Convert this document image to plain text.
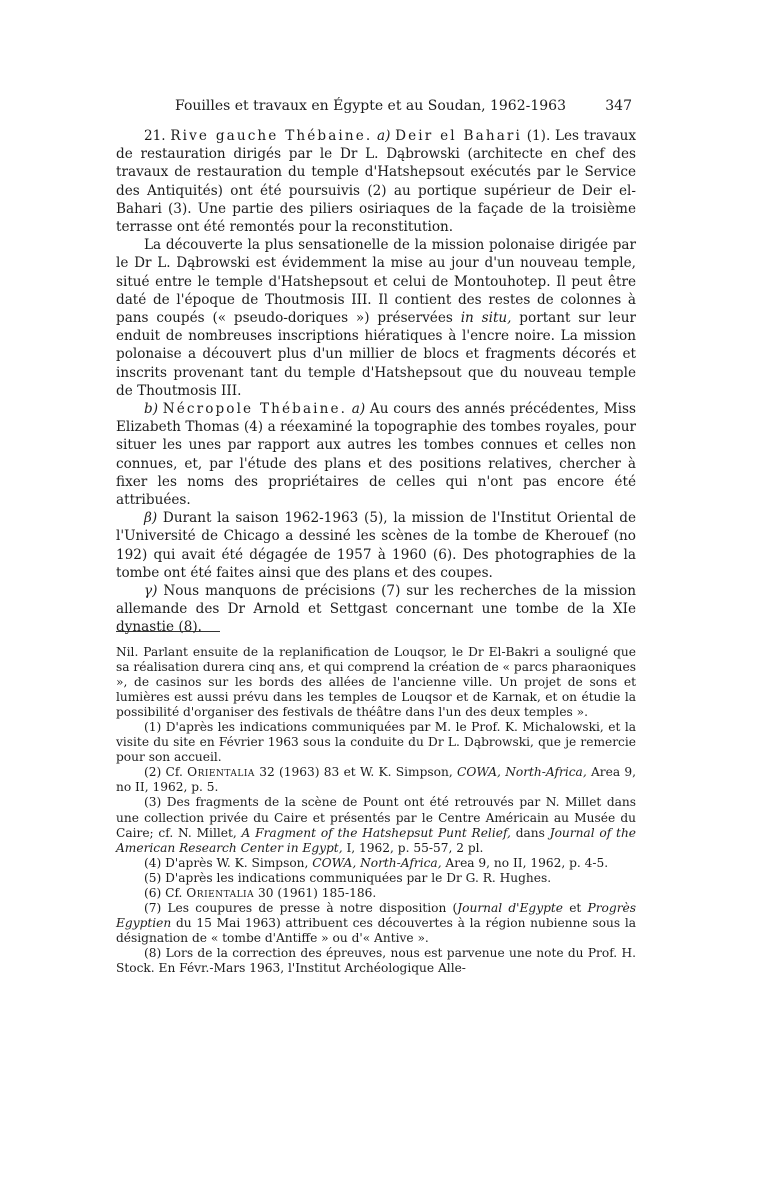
Fouilles et travaux en Égypte et au Soudan, 1962-1963	347

21. Rive gauche Thébaine. a) Deir el Bahari (1). Les travaux de restauration dirigés par le Dr L. Dąbrowski (architecte en chef des travaux de restauration du temple d'Hatshepsout exécutés par le Service des Antiquités) ont été poursuivis (2) au portique supérieur de Deir el-Bahari (3). Une partie des piliers osiriaques de la façade de la troisième terrasse ont été remontés pour la reconstitution.

La découverte la plus sensationelle de la mission polonaise dirigée par le Dr L. Dąbrowski est évidemment la mise au jour d'un nouveau temple, situé entre le temple d'Hatshepsout et celui de Montouhotep. Il peut être daté de l'époque de Thoutmosis III. Il contient des restes de colonnes à pans coupés (« pseudo-doriques ») préservées in situ, portant sur leur enduit de nombreuses inscriptions hiératiques à l'encre noire. La mission polonaise a découvert plus d'un millier de blocs et fragments décorés et inscrits provenant tant du temple d'Hatshepsout que du nouveau temple de Thoutmosis III.

b) Nécropole Thébaine. a) Au cours des annés précédentes, Miss Elizabeth Thomas (4) a réexaminé la topographie des tombes royales, pour situer les unes par rapport aux autres les tombes connues et celles non connues, et, par l'étude des plans et des positions relatives, chercher à fixer les noms des propriétaires de celles qui n'ont pas encore été attribuées.

β) Durant la saison 1962-1963 (5), la mission de l'Institut Oriental de l'Université de Chicago a dessiné les scènes de la tombe de Kherouef (no 192) qui avait été dégagée de 1957 à 1960 (6). Des photographies de la tombe ont été faites ainsi que des plans et des coupes.

γ) Nous manquons de précisions (7) sur les recherches de la mission allemande des Dr Arnold et Settgast concernant une tombe de la XIe dynastie (8).

Nil. Parlant ensuite de la replanification de Louqsor, le Dr El-Bakri a souligné que sa réalisation durera cinq ans, et qui comprend la création de « parcs pharaoniques », de casinos sur les bords des allées de l'ancienne ville. Un projet de sons et lumières est aussi prévu dans les temples de Louqsor et de Karnak, et on étudie la possibilité d'organiser des festivals de théâtre dans l'un des deux temples ».

(1) D'après les indications communiquées par M. le Prof. K. Michalowski, et la visite du site en Février 1963 sous la conduite du Dr L. Dąbrowski, que je remercie pour son accueil.

(2) Cf. Orientalia 32 (1963) 83 et W. K. Simpson, COWA, North-Africa, Area 9, no II, 1962, p. 5.

(3) Des fragments de la scène de Pount ont été retrouvés par N. Millet dans une collection privée du Caire et présentés par le Centre Américain au Musée du Caire; cf. N. Millet, A Fragment of the Hatshepsut Punt Relief, dans Journal of the American Research Center in Egypt, I, 1962, p. 55-57, 2 pl.

(4) D'après W. K. Simpson, COWA, North-Africa, Area 9, no II, 1962, p. 4-5.

(5) D'après les indications communiquées par le Dr G. R. Hughes.

(6) Cf. Orientalia 30 (1961) 185-186.

(7) Les coupures de presse à notre disposition (Journal d'Egypte et Progrès Egyptien du 15 Mai 1963) attribuent ces découvertes à la région nubienne sous la désignation de « tombe d'Antiffe » ou d'« Antive ».

(8) Lors de la correction des épreuves, nous est parvenue une note du Prof. H. Stock. En Févr.-Mars 1963, l'Institut Archéologique Alle-
